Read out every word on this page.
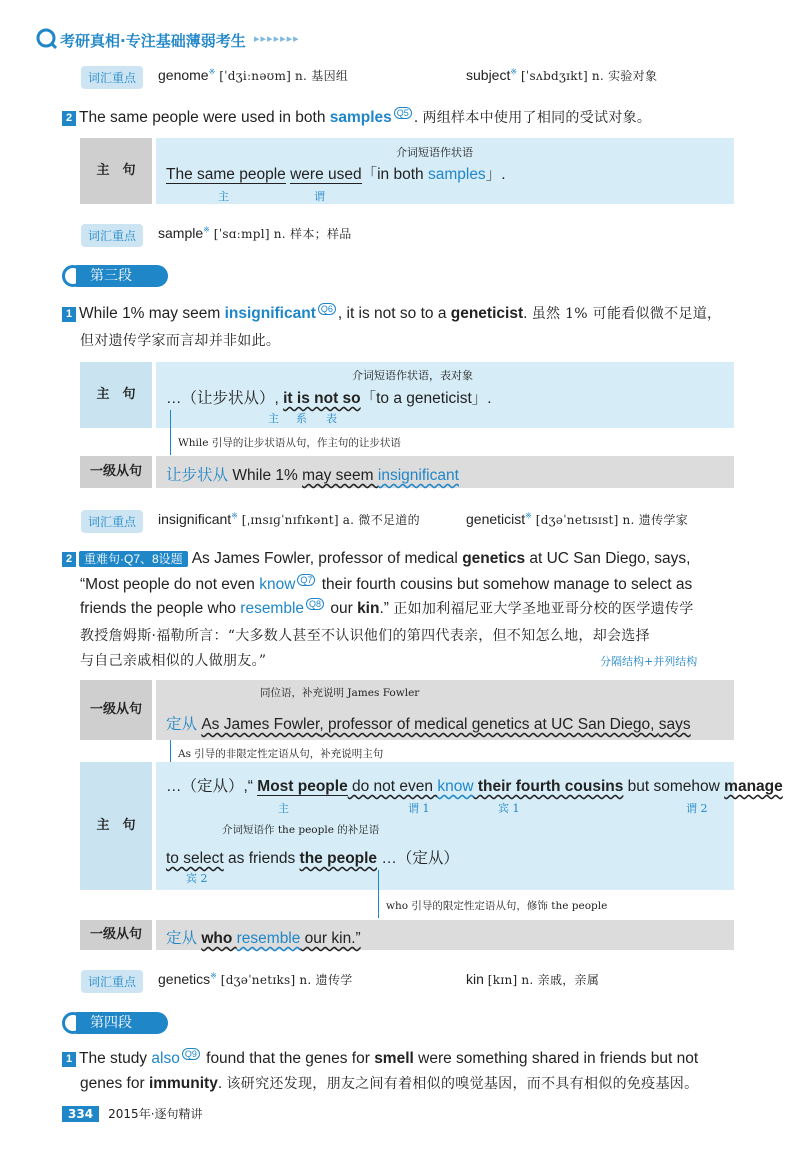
考研真相·专注基础薄弱考生 ▸▸▸▸▸▸▸
词汇重点	genome※ [ˈdʒiːnəʊm] n. 基因组	subject※ [ˈsʌbdʒɪkt] n. 实验对象
2 The same people were used in both samples Q5 . 两组样本中使用了相同的受试对象。
主　句
介词短语作状语
The same people were used「in both samples」.
主	谓
词汇重点	sample※ [ˈsɑːmpl] n. 样本；样品
第三段
1 While 1% may seem insignificant Q6 , it is not so to a geneticist. 虽然 1% 可能看似微不足道，
但对遗传学家而言却并非如此。
主　句
介词短语作状语，表对象
…（让步状从）, it is not so「to a geneticist」.
主 系 表
While 引导的让步状语从句，作主句的让步状语
一级从句	让步状从 While 1% may seem insignificant
词汇重点	insignificant※ [ˌɪnsɪɡˈnɪfɪkənt] a. 微不足道的	geneticist※ [dʒəˈnetɪsɪst] n. 遗传学家
2 重难句·Q7、8设题 As James Fowler, professor of medical genetics at UC San Diego, says,
“Most people do not even know Q7 their fourth cousins but somehow manage to select as
friends the people who resemble Q8 our kin.” 正如加利福尼亚大学圣地亚哥分校的医学遗传学
教授詹姆斯·福勒所言：“大多数人甚至不认识他们的第四代表亲，但不知怎么地，却会选择
与自己亲戚相似的人做朋友。”	分隔结构+并列结构
一级从句
同位语，补充说明 James Fowler
定从 As James Fowler, professor of medical genetics at UC San Diego, says
As 引导的非限定性定语从句，补充说明主句
主　句
…（定从）,“ Most people do not even know their fourth cousins but somehow manage
主	谓 1	宾 1	谓 2
介词短语作 the people 的补足语
to select as friends the people …（定从）
宾 2
who 引导的限定性定语从句，修饰 the people
一级从句	定从 who resemble our kin.”
词汇重点	genetics※ [dʒəˈnetɪks] n. 遗传学	kin [kɪn] n. 亲戚，亲属
第四段
1 The study also Q9 found that the genes for smell were something shared in friends but not
genes for immunity. 该研究还发现，朋友之间有着相似的嗅觉基因，而不具有相似的免疫基因。
334 2015年·逐句精讲
